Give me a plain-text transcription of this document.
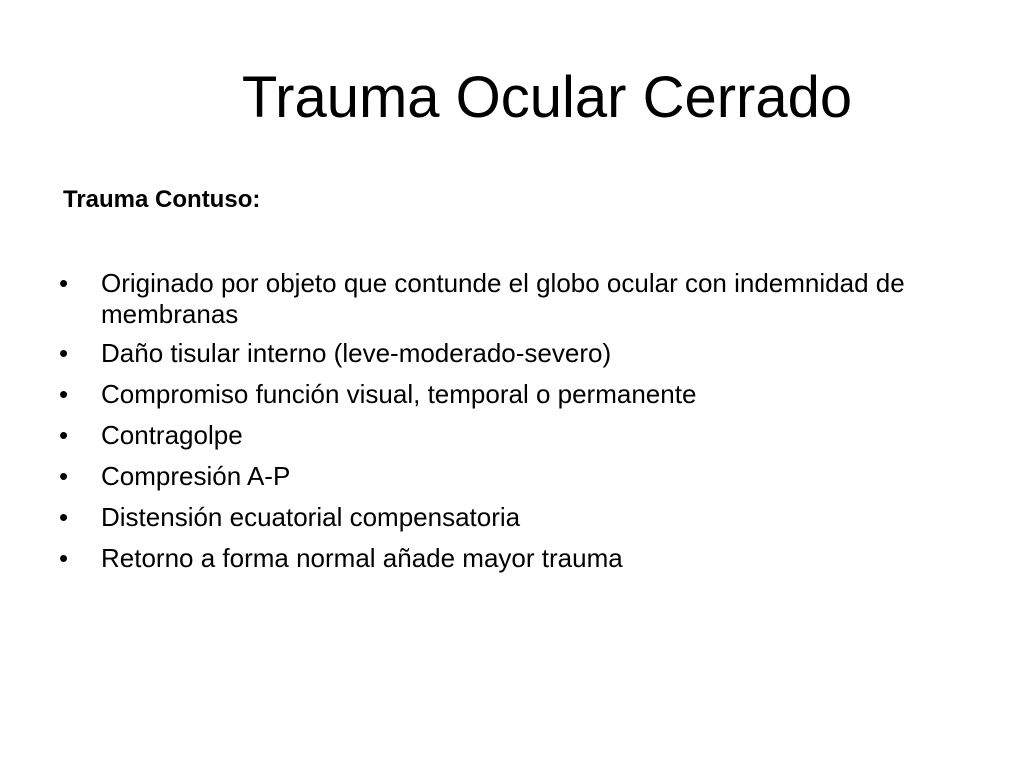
Trauma Ocular Cerrado
Trauma Contuso:
•	Originado por objeto que contunde el globo ocular con indemnidad de membranas
•	Daño tisular interno (leve-moderado-severo)
•	Compromiso función visual, temporal o permanente
•	Contragolpe
•	Compresión A-P
•	Distensión ecuatorial compensatoria
•	Retorno a forma normal añade mayor trauma
